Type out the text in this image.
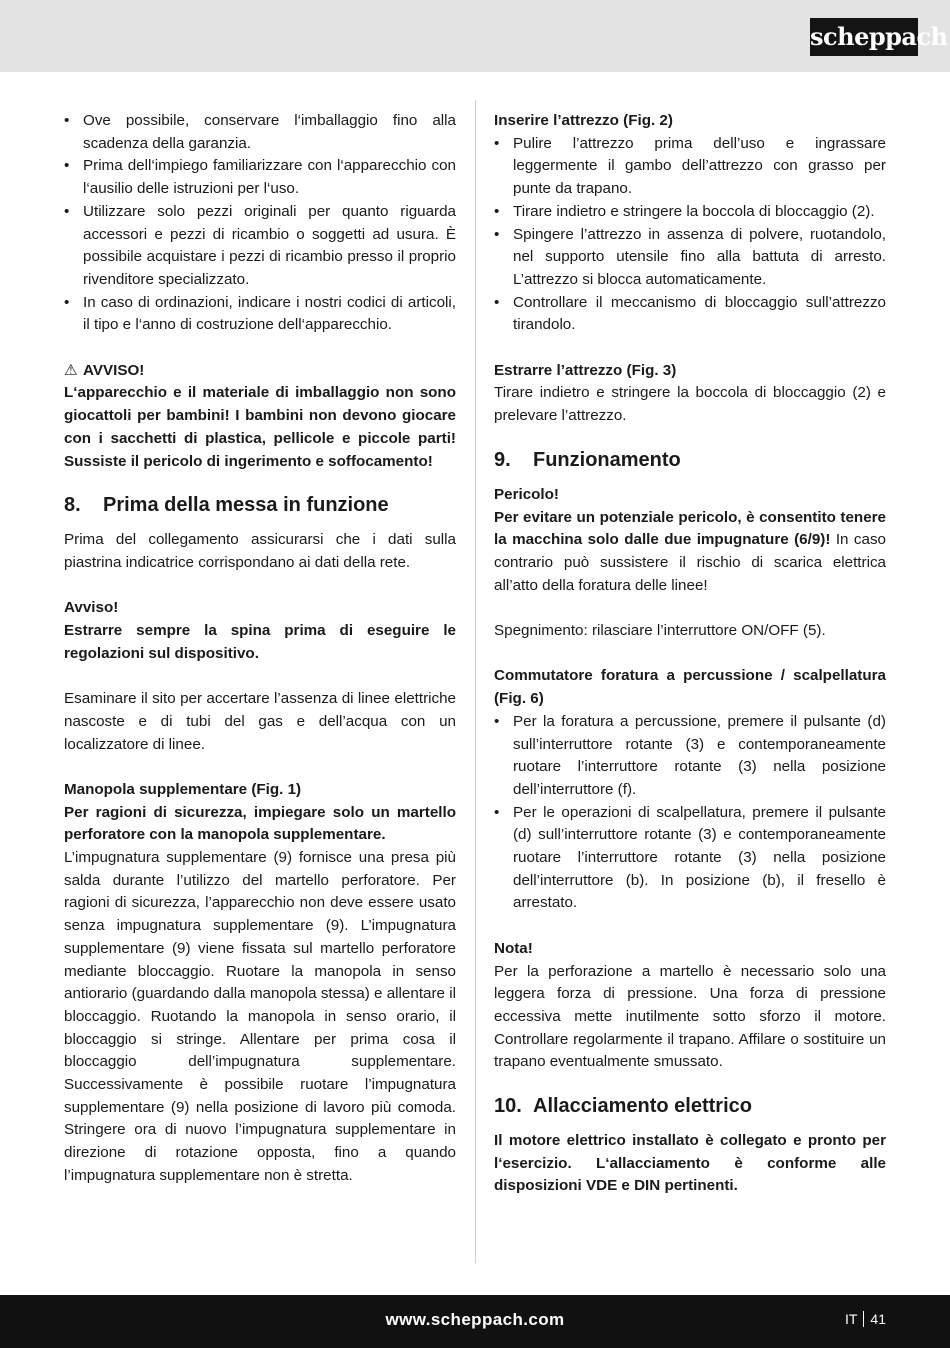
scheppach
• Ove possibile, conservare l‘imballaggio fino alla scadenza della garanzia.
• Prima dell‘impiego familiarizzare con l‘apparecchio con l‘ausilio delle istruzioni per l‘uso.
• Utilizzare solo pezzi originali per quanto riguarda accessori e pezzi di ricambio o soggetti ad usura. È possibile acquistare i pezzi di ricambio presso il proprio rivenditore specializzato.
• In caso di ordinazioni, indicare i nostri codici di articoli, il tipo e l‘anno di costruzione dell‘apparecchio.

⚠ AVVISO!

L‘apparecchio e il materiale di imballaggio non sono giocattoli per bambini! I bambini non devono giocare con i sacchetti di plastica, pellicole e piccole parti! Sussiste il pericolo di ingerimento e soffocamento!

8.	Prima della messa in funzione

Prima del collegamento assicurarsi che i dati sulla piastrina indicatrice corrispondano ai dati della rete.

Avviso!

Estrarre sempre la spina prima di eseguire le regolazioni sul dispositivo.

Esaminare il sito per accertare l’assenza di linee elettriche nascoste e di tubi del gas e dell’acqua con un localizzatore di linee.

Manopola supplementare (Fig. 1)

Per ragioni di sicurezza, impiegare solo un martello perforatore con la manopola supplementare.

L’impugnatura supplementare (9) fornisce una presa più salda durante l’utilizzo del martello perforatore. Per ragioni di sicurezza, l’apparecchio non deve essere usato senza impugnatura supplementare (9). L’impugnatura supplementare (9) viene fissata sul martello perforatore mediante bloccaggio. Ruotare la manopola in senso antiorario (guardando dalla manopola stessa) e allentare il bloccaggio. Ruotando la manopola in senso orario, il bloccaggio si stringe. Allentare per prima cosa il bloccaggio dell’impugnatura supplementare. Successivamente è possibile ruotare l’impugnatura supplementare (9) nella posizione di lavoro più comoda. Stringere ora di nuovo l’impugnatura supplementare in direzione di rotazione opposta, fino a quando l’impugnatura supplementare non è stretta.

Inserire l’attrezzo (Fig. 2)

• Pulire l’attrezzo prima dell’uso e ingrassare leggermente il gambo dell’attrezzo con grasso per punte da trapano.
• Tirare indietro e stringere la boccola di bloccaggio (2).
• Spingere l’attrezzo in assenza di polvere, ruotandolo, nel supporto utensile fino alla battuta di arresto. L’attrezzo si blocca automaticamente.
• Controllare il meccanismo di bloccaggio sull’attrezzo tirandolo.

Estrarre l’attrezzo (Fig. 3)

Tirare indietro e stringere la boccola di bloccaggio (2) e prelevare l’attrezzo.

9.	Funzionamento

Pericolo!

Per evitare un potenziale pericolo, è consentito tenere la macchina solo dalle due impugnature (6/9)! In caso contrario può sussistere il rischio di scarica elettrica all’atto della foratura delle linee!

Spegnimento: rilasciare l’interruttore ON/OFF (5).

Commutatore foratura a percussione / scalpellatura (Fig. 6)

• Per la foratura a percussione, premere il pulsante (d) sull’interruttore rotante (3) e contemporaneamente ruotare l’interruttore rotante (3) nella posizione dell’interruttore (f).
• Per le operazioni di scalpellatura, premere il pulsante (d) sull’interruttore rotante (3) e contemporaneamente ruotare l’interruttore rotante (3) nella posizione dell’interruttore (b). In posizione (b), il fresello è arrestato.

Nota!

Per la perforazione a martello è necessario solo una leggera forza di pressione. Una forza di pressione eccessiva mette inutilmente sotto sforzo il motore. Controllare regolarmente il trapano. Affilare o sostituire un trapano eventualmente smussato.

10. Allacciamento elettrico

Il motore elettrico installato è collegato e pronto per l‘esercizio. L‘allacciamento è conforme alle disposizioni VDE e DIN pertinenti.

www.scheppach.com	IT 41
